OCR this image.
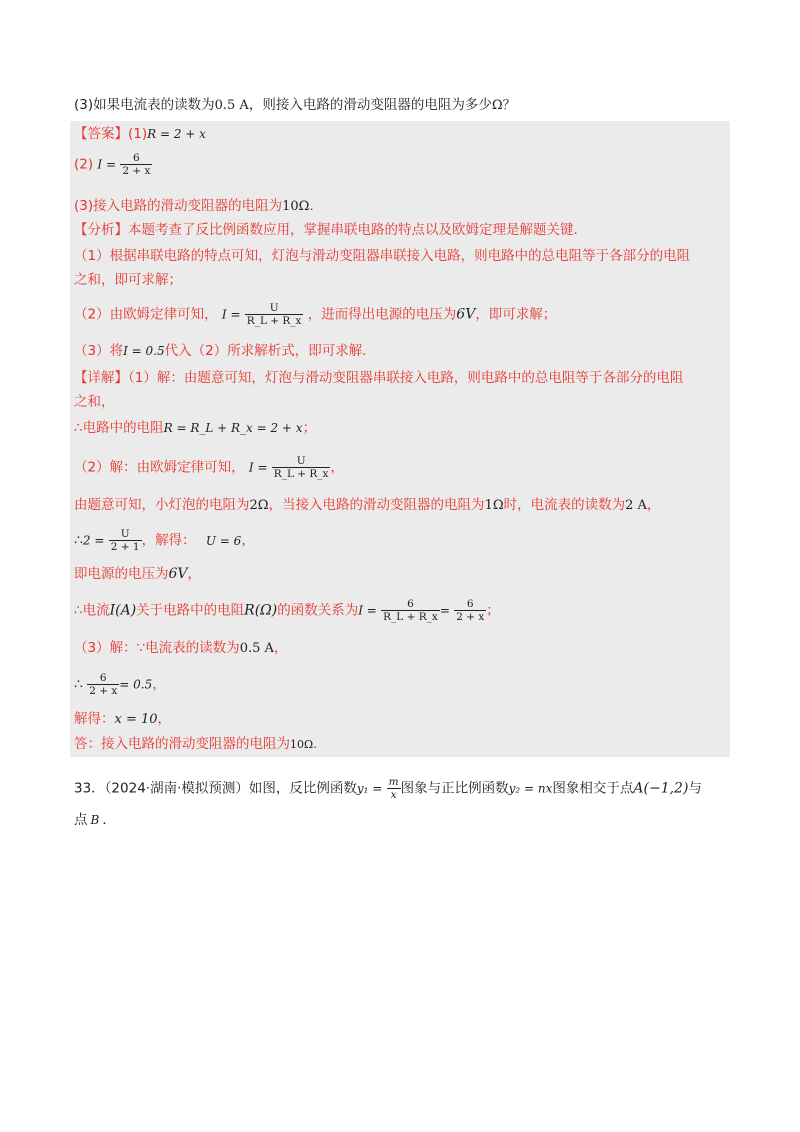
(3)如果电流表的读数为0.5 A，则接入电路的滑动变阻器的电阻为多少Ω？
【答案】(1)R = 2 + x
(2) $I = \frac{6}{2 + x}$
(3)接入电路的滑动变阻器的电阻为10Ω．
【分析】本题考查了反比例函数应用，掌握串联电路的特点以及欧姆定理是解题关键．
（1）根据串联电路的特点可知，灯泡与滑动变阻器串联接入电路，则电路中的总电阻等于各部分的电阻
之和，即可求解；
（2）由欧姆定律可知， $I = \frac{U}{R\_L + R\_x}$ ，进而得出电源的电压为6V，即可求解；
（3）将I = 0.5代入（2）所求解析式，即可求解．
【详解】（1）解：由题意可知，灯泡与滑动变阻器串联接入电路，则电路中的总电阻等于各部分的电阻
之和，
∴电路中的电阻R = R_L + R_x = 2 + x；
（2）解：由欧姆定律可知， $I = \frac{U}{R\_L + R\_x}$ ，
由题意可知，小灯泡的电阻为2Ω，当接入电路的滑动变阻器的电阻为1Ω时，电流表的读数为2 A，
∴2 = $\frac{U}{2 + 1}$ ，解得： U = 6，
即电源的电压为6V，
∴电流I(A)关于电路中的电阻R(Ω)的函数关系为$I = \frac{6}{R\_L + R\_x} = \frac{6}{2 + x}$ ；
（3）解：∵电流表的读数为0.5 A，
∴ $\frac{6}{2 + x} = 0.5$，
解得：x = 10，
答：接入电路的滑动变阻器的电阻为10Ω．
33．（2024·湖南·模拟预测）如图，反比例函数$y_1 = \frac{m}{x}$ 图象与正比例函数y₂ = nx图象相交于点A(−1,2)与
点 B ．
